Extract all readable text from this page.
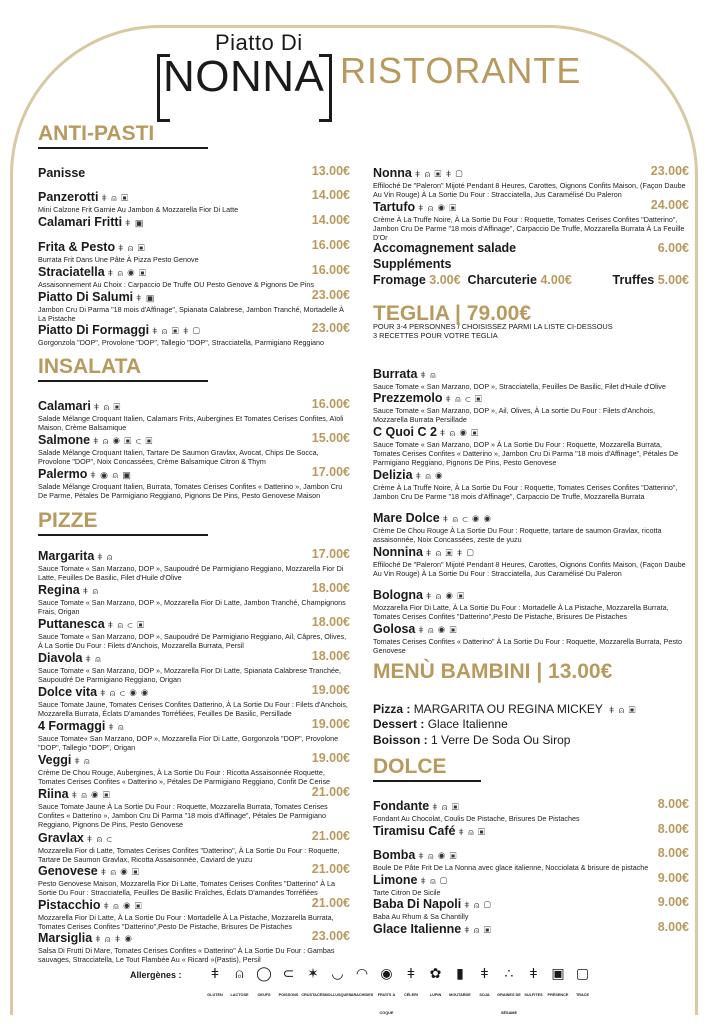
Piatto Di
NONNA RISTORANTE
ANTI-PASTI
Panisse	13.00€
Panzerotti ǂ ⍝ ▣	14.00€
Mini Calzone Frit Garnie Au Jambon & Mozzarella Fior Di Latte
Calamari Fritti ǂ ▣	14.00€
Frita & Pesto ǂ ⍝ ▣	16.00€
Burrata Frit Dans Une Pâte À Pizza Pesto Genove
Straciatella ǂ ⍝ ◉ ▣	16.00€
Assaisonnement Au Choix : Carpaccio De Truffe OU Pesto Genove & Pignons De Pins
Piatto Di Salumi ǂ ▣	23.00€
Jambon Cru Di Parma "18 mois d'Affinage", Spianata Calabrese, Jambon Tranché, Mortadelle À La Pistache
Piatto Di Formaggi ǂ ⍝ ▣ ǂ ▢	23.00€
Gorgonzola "DOP", Provolone "DOP", Tallegio "DOP", Stracciatella, Parmigiano Reggiano
INSALATA
Calamari ǂ ⍝ ▣	16.00€
Salade Mélange Croquant Italien, Calamars Frits, Aubergines Et Tomates Cerises Confites, Aïoli Maison, Crème Balsamique
Salmone ǂ ⍝ ◉ ▣ ⊂ ▣	15.00€
Salade Mélange Croquant Italien, Tartare De Saumon Gravlax, Avocat, Chips De Socca, Provolone "DOP", Noix Concassées, Crème Balsamique Citron & Thym
Palermo ǂ ◉ ⍝ ▣	17.00€
Salade Mélange Croquant Italien, Burrata, Tomates Cerises Confites « Datterino », Jambon Cru De Parme, Pétales De Parmigiano Reggiano, Pignons De Pins, Pesto Genovese Maison
PIZZE
Margarita ǂ ⍝	17.00€
Sauce Tomate « San Marzano, DOP », Saupoudré De Parmigiano Reggiano, Mozzarella Fior Di Latte, Feuilles De Basilic, Filet d'Huile d'Olive
Regina ǂ ⍝	18.00€
Sauce Tomate « San Marzano, DOP », Mozzarella Fior Di Latte, Jambon Tranché, Champignons Frais, Origan
Puttanesca ǂ ⍝ ⊂ ▣	18.00€
Sauce Tomate « San Marzano, DOP », Saupoudré De Parmigiano Reggiano, Ail, Câpres, Olives, À La Sortie Du Four : Filets d'Anchois, Mozzarella Burrata, Persil
Diavola ǂ ⍝	18.00€
Sauce Tomate « San Marzano, DOP », Mozzarella Fior Di Latte, Spianata Calabrese Tranchée, Saupoudré De Parmigiano Reggiano, Origan
Dolce vita ǂ ⍝ ⊂ ◉ ◉	19.00€
Sauce Tomate Jaune, Tomates Cerises Confites Datterino, À La Sortie Du Four : Filets d'Anchois, Mozzarella Burrata, Éclats D'amandes Torréfiées, Feuilles De Basilic, Persillade
4 Formaggi ǂ ⍝	19.00€
Sauce Tomate« San Marzano, DOP », Mozzarella Fior Di Latte, Gorgonzola "DOP", Provolone "DOP", Tallegio "DOP", Origan
Veggi ǂ ⍝	19.00€
Crème De Chou Rouge, Aubergines, À La Sortie Du Four : Ricotta Assaisonnée Roquette, Tomates Cerises Confites « Datterino », Pétales De Parmigiano Reggiano, Confit De Cerise
Riina ǂ ⍝ ◉ ▣	21.00€
Sauce Tomate Jaune À La Sortie Du Four : Roquette, Mozzarella Burrata, Tomates Cerises Confites « Datterino », Jambon Cru Di Parma "18 mois d'Affinage", Pétales De Parmigiano Reggiano, Pignons De Pins, Pesto Genovese
Gravlax ǂ ⍝ ⊂	21.00€
Mozzarella Fior di Latte, Tomates Cerises Confites "Datterino", À La Sortie Du Four : Roquette, Tartare De Saumon Gravlax, Ricotta Assaisonnée, Caviard de yuzu
Genovese ǂ ⍝ ◉ ▣	21.00€
Pesto Genovese Maison, Mozzarella Fior Di Latte, Tomates Cerises Confites "Datterino" À La Sortie Du Four : Stracciatella, Feuilles De Basilic Fraîches, Éclats D'amandes Torréfiées
Pistacchio ǂ ⍝ ◉ ▣	21.00€
Mozzarella Fior Di Latte, À La Sortie Du Four : Mortadelle À La Pistache, Mozzarella Burrata, Tomates Cerises Confites "Datterino",Pesto De Pistache, Brisures De Pistaches
Marsiglia ǂ ⍝ ǂ ◉	23.00€
Salsa Di Frutti Di Mare, Tomates Cerises Confites « Datterino" À La Sortie Du Four : Gambas sauvages, Stracciatella, Le Tout Flambée Au « Ricard »(Pastis), Persil
Nonna ǂ ⍝ ▣ ǂ ▢	23.00€
Effiloché De "Paleron" Mijoté Pendant 8 Heures, Carottes, Oignons Confits Maison, (Façon Daube Au Vin Rouge) À La Sortie Du Four : Stracciatella, Jus Caramélisé Du Paleron
Tartufo ǂ ⍝ ◉ ▣	24.00€
Crème À La Truffe Noire, À La Sortie Du Four : Roquette, Tomates Cerises Confites "Datterino", Jambon Cru De Parme "18 mois d'Affinage", Carpaccio De Truffe, Mozzarella Burrata À La Feuille D'Or
Accomagnement salade	6.00€
Suppléments
Fromage 3.00€ Charcuterie 4.00€	Truffes 5.00€
TEGLIA | 79.00€
POUR 3-4 PERSONNES / CHOISISSEZ PARMI LA LISTE CI-DESSOUS
3 RECETTES POUR VOTRE TEGLIA
Burrata ǂ ⍝
Sauce Tomate « San Marzano, DOP », Stracciatella, Feuilles De Basilic, Filet d'Huile d'Olive
Prezzemolo ǂ ⍝ ⊂ ▣
Sauce Tomate « San Marzano, DOP », Ail, Olives, À La sortie Du Four : Filets d'Anchois, Mozzarella Burrata Persillade
C Quoi C 2 ǂ ⍝ ◉ ▣
Sauce Tomate « San Marzano, DOP » À La Sortie Du Four : Roquette, Mozzarella Burrata, Tomates Cerises Confites « Datterino », Jambon Cru Di Parma "18 mois d'Affinage", Pétales De Parmigiano Reggiano, Pignons De Pins, Pesto Genovese
Delizia ǂ ⍝ ◉
Crème À La Truffe Noire, À La Sortie Du Four : Roquette, Tomates Cerises Confites "Datterino", Jambon Cru De Parme "18 mois d'Affinage", Carpaccio De Truffe, Mozzarella Burrata
Mare Dolce ǂ ⍝ ⊂ ◉ ◉
Crème De Chou Rouge À La Sortie Du Four : Roquette, tartare de saumon Gravlax, ricotta assaisonnée, Noix Concassées, zeste de yuzu
Nonnina ǂ ⍝ ▣ ǂ ▢
Effiloché De "Paleron" Mijoté Pendant 8 Heures, Carottes, Oignons Confits Maison, (Façon Daube Au Vin Rouge) À La Sortie Du Four : Stracciatella, Jus Caramélisé Du Paleron
Bologna ǂ ⍝ ◉ ▣
Mozzarella Fior Di Latte, À La Sortie Du Four : Mortadelle À La Pistache, Mozzarella Burrata, Tomates Cerises Confites "Datterino",Pesto De Pistache, Brisures De Pistaches
Golosa ǂ ⍝ ◉ ▣
Tomates Cerises Confites « Datterino" À La Sortie Du Four : Roquette, Mozzarella Burrata, Pesto Genovese
MENÙ BAMBINI | 13.00€
Pizza : MARGARITA OU REGINA MICKEY ǂ ⍝ ▣
Dessert : Glace Italienne
Boisson : 1 Verre De Soda Ou Sirop
DOLCE
Fondante ǂ ⍝ ▣	8.00€
Fondant Au Chocolat, Coulis De Pistache, Brisures De Pistaches
Tiramisu Café ǂ ⍝ ▣	8.00€
Bomba ǂ ⍝ ◉ ▣	8.00€
Boule De Pâte Frit De La Nonna avec glace italienne, Nocciolata & brisure de pistache
Limone ǂ ⍝ ▢	9.00€
Tarte Citron De Sicile
Baba Di Napoli ǂ ⍝ ▢	9.00€
Baba Au Rhum & Sa Chantilly
Glace Italienne ǂ ⍝ ▣	8.00€
Allergènes :	ǂ
GLUTEN
⍝
LACTOSE
◯
OEUFS
⊂
POISSONS
✶
CRUSTACÉS
◡
MOLLUSQUES
◠
ARACHIDES
◉
FRUITS À COQUE
ǂ
CÉLERI
✿
LUPIN
▮
MOUTARDE
ǂ
SOJA
∴
GRAINES DE SÉSAME
ǂ
SULFITES
▣
PRÉSENCE
▢
TRACE
